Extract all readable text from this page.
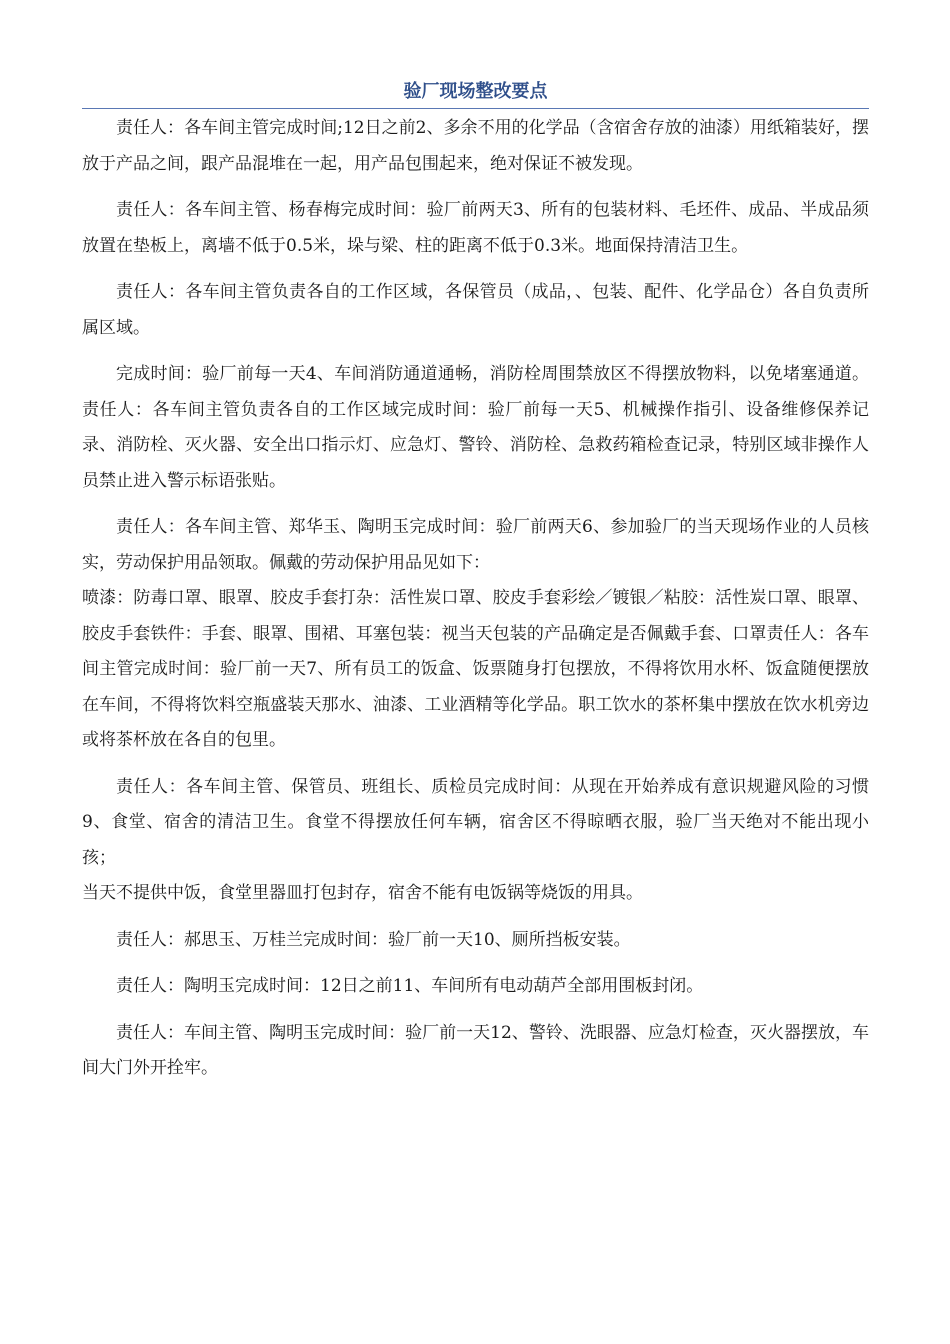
验厂现场整改要点

责任人：各车间主管完成时间;12日之前2、多余不用的化学品（含宿舍存放的油漆）用纸箱装好，摆放于产品之间，跟产品混堆在一起，用产品包围起来，绝对保证不被发现。

责任人：各车间主管、杨春梅完成时间：验厂前两天3、所有的包装材料、毛坯件、成品、半成品须放置在垫板上，离墙不低于0.5米，垛与梁、柱的距离不低于0.3米。地面保持清洁卫生。

责任人：各车间主管负责各自的工作区域，各保管员（成品，、包装、配件、化学品仓）各自负责所属区域。

完成时间：验厂前每一天4、车间消防通道通畅，消防栓周围禁放区不得摆放物料，以免堵塞通道。责任人：各车间主管负责各自的工作区域完成时间：验厂前每一天5、机械操作指引、设备维修保养记录、消防栓、灭火器、安全出口指示灯、应急灯、警铃、消防栓、急救药箱检查记录，特别区域非操作人员禁止进入警示标语张贴。

责任人：各车间主管、郑华玉、陶明玉完成时间：验厂前两天6、参加验厂的当天现场作业的人员核实，劳动保护用品领取。佩戴的劳动保护用品见如下：

喷漆：防毒口罩、眼罩、胶皮手套打杂：活性炭口罩、胶皮手套彩绘／镀银／粘胶：活性炭口罩、眼罩、胶皮手套铁件：手套、眼罩、围裙、耳塞包装：视当天包装的产品确定是否佩戴手套、口罩责任人：各车间主管完成时间：验厂前一天7、所有员工的饭盒、饭票随身打包摆放，不得将饮用水杯、饭盒随便摆放在车间，不得将饮料空瓶盛装天那水、油漆、工业酒精等化学品。职工饮水的茶杯集中摆放在饮水机旁边或将茶杯放在各自的包里。

责任人：各车间主管、保管员、班组长、质检员完成时间：从现在开始养成有意识规避风险的习惯9、食堂、宿舍的清洁卫生。食堂不得摆放任何车辆，宿舍区不得晾晒衣服，验厂当天绝对不能出现小孩；

当天不提供中饭，食堂里器皿打包封存，宿舍不能有电饭锅等烧饭的用具。

责任人：郝思玉、万桂兰完成时间：验厂前一天10、厕所挡板安装。

责任人：陶明玉完成时间：12日之前11、车间所有电动葫芦全部用围板封闭。

责任人：车间主管、陶明玉完成时间：验厂前一天12、警铃、洗眼器、应急灯检查，灭火器摆放，车间大门外开拴牢。
